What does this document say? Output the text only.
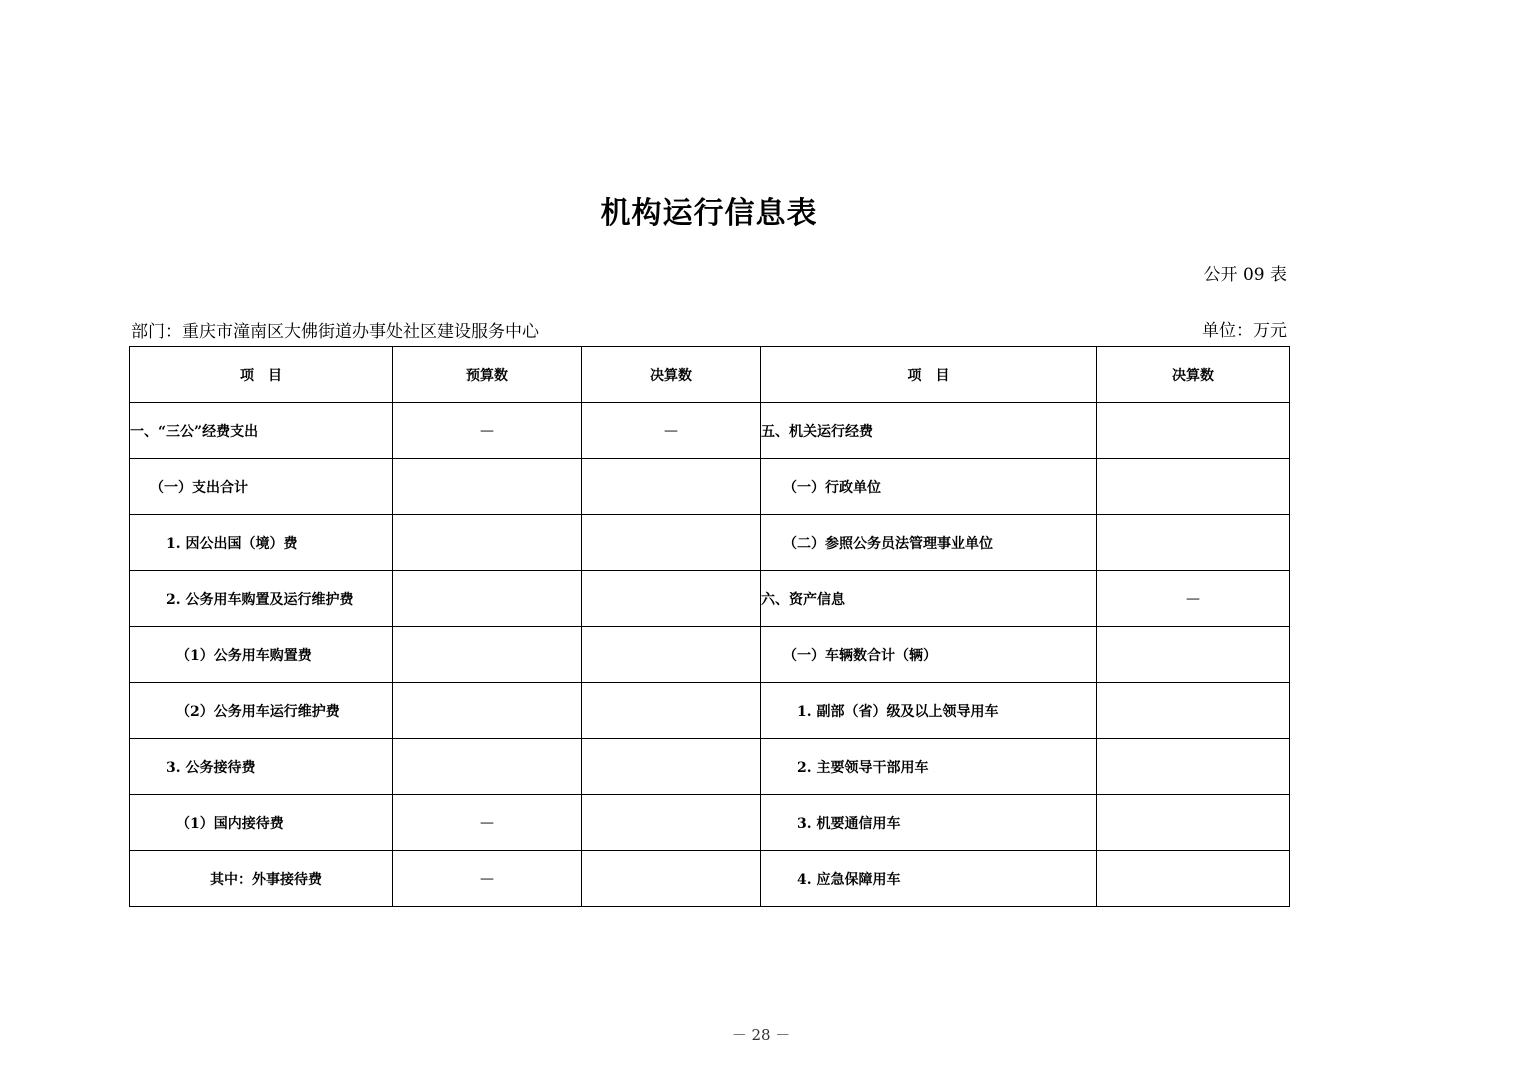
机构运行信息表
公开 09 表
部门：重庆市潼南区大佛街道办事处社区建设服务中心	单位：万元
项　目	预算数	决算数	项　目	决算数
一、“三公”经费支出	—	—	五、机关运行经费	
（一）支出合计			（一）行政单位	
1. 因公出国（境）费			（二）参照公务员法管理事业单位	
2. 公务用车购置及运行维护费			六、资产信息	—
（1）公务用车购置费			（一）车辆数合计（辆）	
（2）公务用车运行维护费			1. 副部（省）级及以上领导用车	
3. 公务接待费			2. 主要领导干部用车	
（1）国内接待费	—		3. 机要通信用车	
其中：外事接待费	—		4. 应急保障用车	
－ 28 －
